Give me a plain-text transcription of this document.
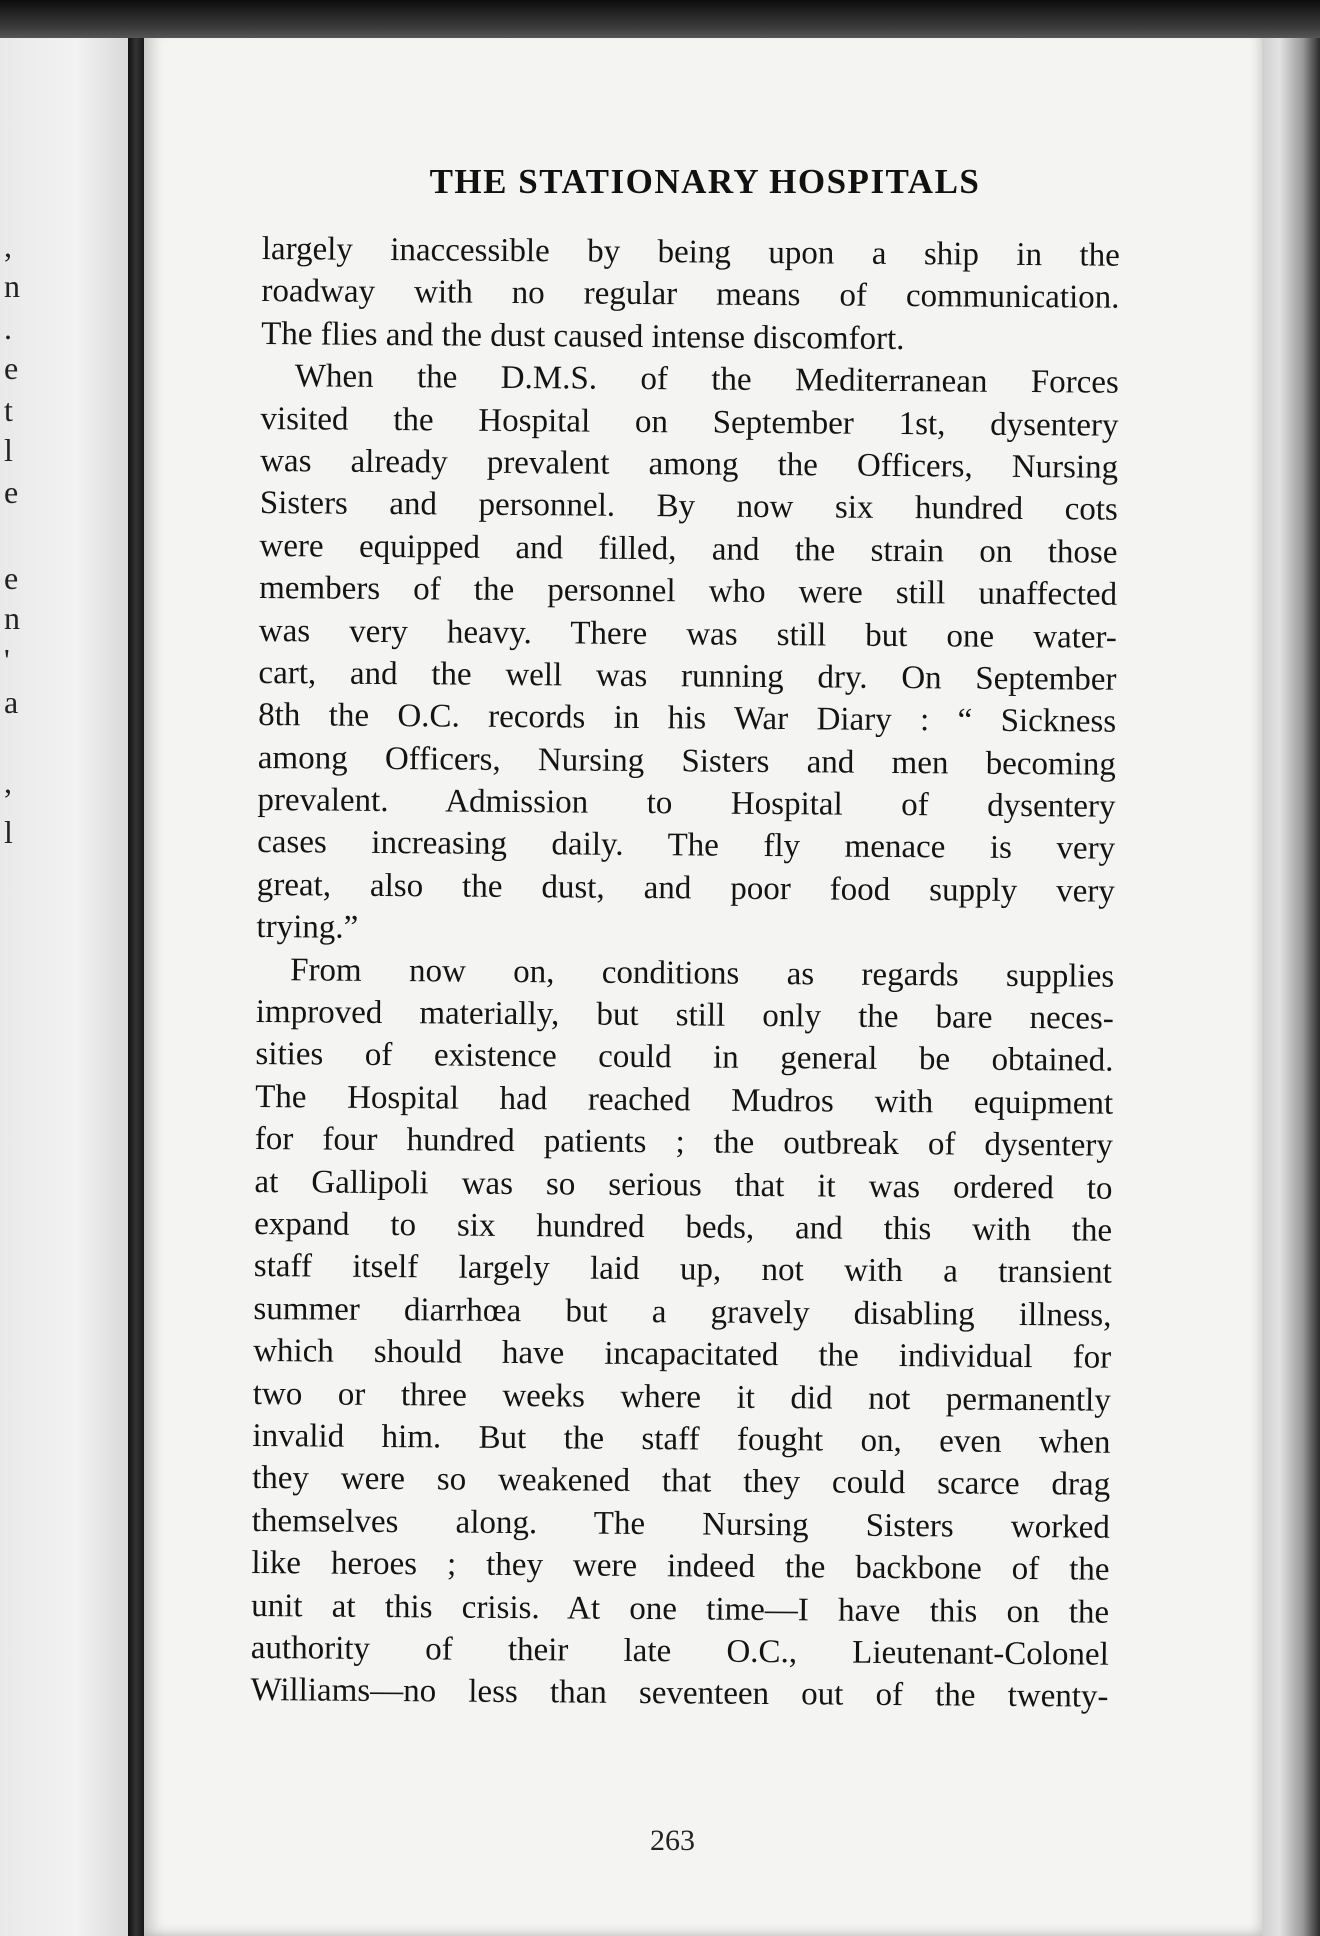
,
n
.
e
t
l
e
e
n
'
a
,
l
THE STATIONARY HOSPITALS
largely inaccessible by being upon a ship in the
roadway with no regular means of communication.
The flies and the dust caused intense discomfort.
When the D.M.S. of the Mediterranean Forces
visited the Hospital on September 1st, dysentery
was already prevalent among the Officers, Nursing
Sisters and personnel. By now six hundred cots
were equipped and filled, and the strain on those
members of the personnel who were still unaffected
was very heavy. There was still but one water-
cart, and the well was running dry. On September
8th the O.C. records in his War Diary : “ Sickness
among Officers, Nursing Sisters and men becoming
prevalent. Admission to Hospital of dysentery
cases increasing daily. The fly menace is very
great, also the dust, and poor food supply very
trying.”
From now on, conditions as regards supplies
improved materially, but still only the bare neces-
sities of existence could in general be obtained.
The Hospital had reached Mudros with equipment
for four hundred patients ; the outbreak of dysentery
at Gallipoli was so serious that it was ordered to
expand to six hundred beds, and this with the
staff itself largely laid up, not with a transient
summer diarrhœa but a gravely disabling illness,
which should have incapacitated the individual for
two or three weeks where it did not permanently
invalid him. But the staff fought on, even when
they were so weakened that they could scarce drag
themselves along. The Nursing Sisters worked
like heroes ; they were indeed the backbone of the
unit at this crisis. At one time—I have this on the
authority of their late O.C., Lieutenant-Colonel
Williams—no less than seventeen out of the twenty-
263
